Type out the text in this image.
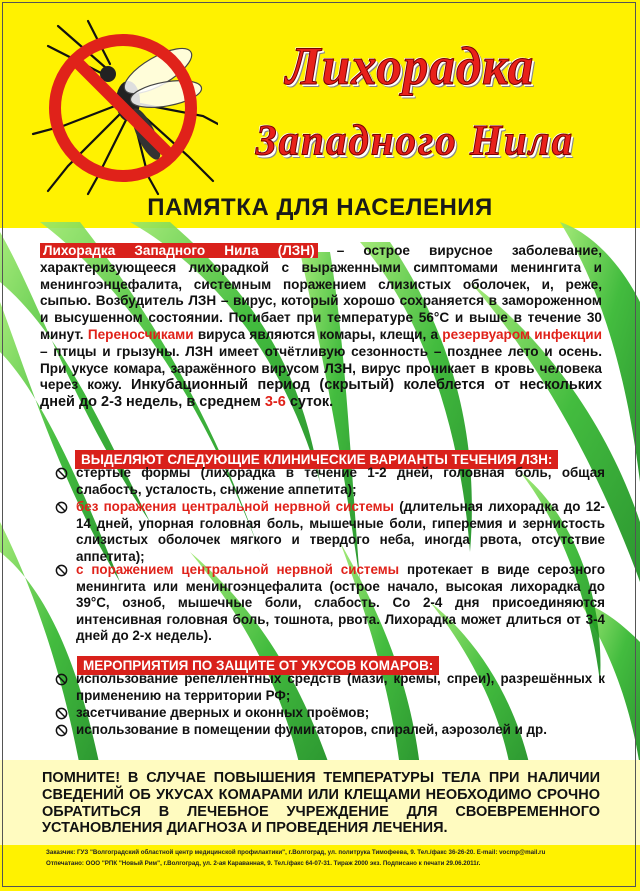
Лихорадка
Западного Нила
ПАМЯТКА ДЛЯ НАСЕЛЕНИЯ
Лихорадка Западного Нила (ЛЗН) – острое вирусное заболевание, характеризующееся лихорадкой с выраженными симптомами менингита и менингоэнцефалита, системным поражением слизистых оболочек, и, реже, сыпью. Возбудитель ЛЗН – вирус, который хорошо сохраняется в замороженном и высушенном состоянии. Погибает при температуре 56°С и выше в течение 30 минут. Переносчиками вируса являются комары, клещи, а резервуаром инфекции – птицы и грызуны. ЛЗН имеет отчётливую сезонность – позднее лето и осень. При укусе комара, заражённого вирусом ЛЗН, вирус проникает в кровь человека через кожу. Инкубационный период (скрытый) колеблется от нескольких дней до 2-3 недель, в среднем 3-6 суток.
ВЫДЕЛЯЮТ СЛЕДУЮЩИЕ КЛИНИЧЕСКИЕ ВАРИАНТЫ ТЕЧЕНИЯ ЛЗН:
стертые формы (лихорадка в течение 1-2 дней, головная боль, общая слабость, усталость, снижение аппетита);
без поражения центральной нервной системы (длительная лихорадка до 12-14 дней, упорная головная боль, мышечные боли, гиперемия и зернистость слизистых оболочек мягкого и твердого неба, иногда рвота, отсутствие аппетита);
с поражением центральной нервной системы протекает в виде серозного менингита или менингоэнцефалита (острое начало, высокая лихорадка до 39°С, озноб, мышечные боли, слабость. Со 2-4 дня присоединяются интенсивная головная боль, тошнота, рвота. Лихорадка может длиться от 3-4 дней до 2-х недель).
МЕРОПРИЯТИЯ ПО ЗАЩИТЕ ОТ УКУСОВ КОМАРОВ:
использование репеллентных средств (мази, кремы, спреи), разрешённых к применению на территории РФ;
засетчивание дверных и оконных проёмов;
использование в помещении фумигаторов, спиралей, аэрозолей и др.
ПОМНИТЕ! В СЛУЧАЕ ПОВЫШЕНИЯ ТЕМПЕРАТУРЫ ТЕЛА ПРИ НАЛИЧИИ СВЕДЕНИЙ ОБ УКУСАХ КОМАРАМИ ИЛИ КЛЕЩАМИ НЕОБХОДИМО СРОЧНО ОБРАТИТЬСЯ В ЛЕЧЕБНОЕ УЧРЕЖДЕНИЕ ДЛЯ СВОЕВРЕМЕННОГО УСТАНОВЛЕНИЯ ДИАГНОЗА И ПРОВЕДЕНИЯ ЛЕЧЕНИЯ.
Заказчик: ГУЗ "Волгоградский областной центр медицинской профилактики", г.Волгоград, ул. политрука Тимофеева, 9. Тел./факс 36-26-20. E-mail: vocmp@mail.ru
Отпечатано: ООО "РПК "Новый Рим", г.Волгоград, ул. 2-ая Караванная, 9. Тел./факс 64-07-31. Тираж 2000 экз. Подписано к печати 29.06.2011г.
